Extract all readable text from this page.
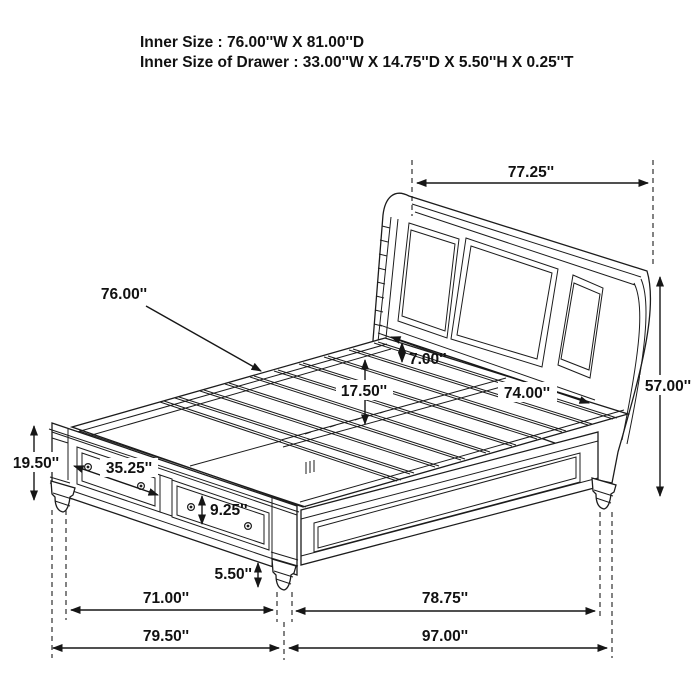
Inner Size : 76.00''W X 81.00''D
Inner Size of Drawer : 33.00''W X 14.75''D X 5.50''H X 0.25''T
77.25''
76.00''
7.00''
17.50''	74.00''	57.00''
19.50''	35.25''
9.25''
5.50''
71.00''	78.75''
79.50''	97.00''
